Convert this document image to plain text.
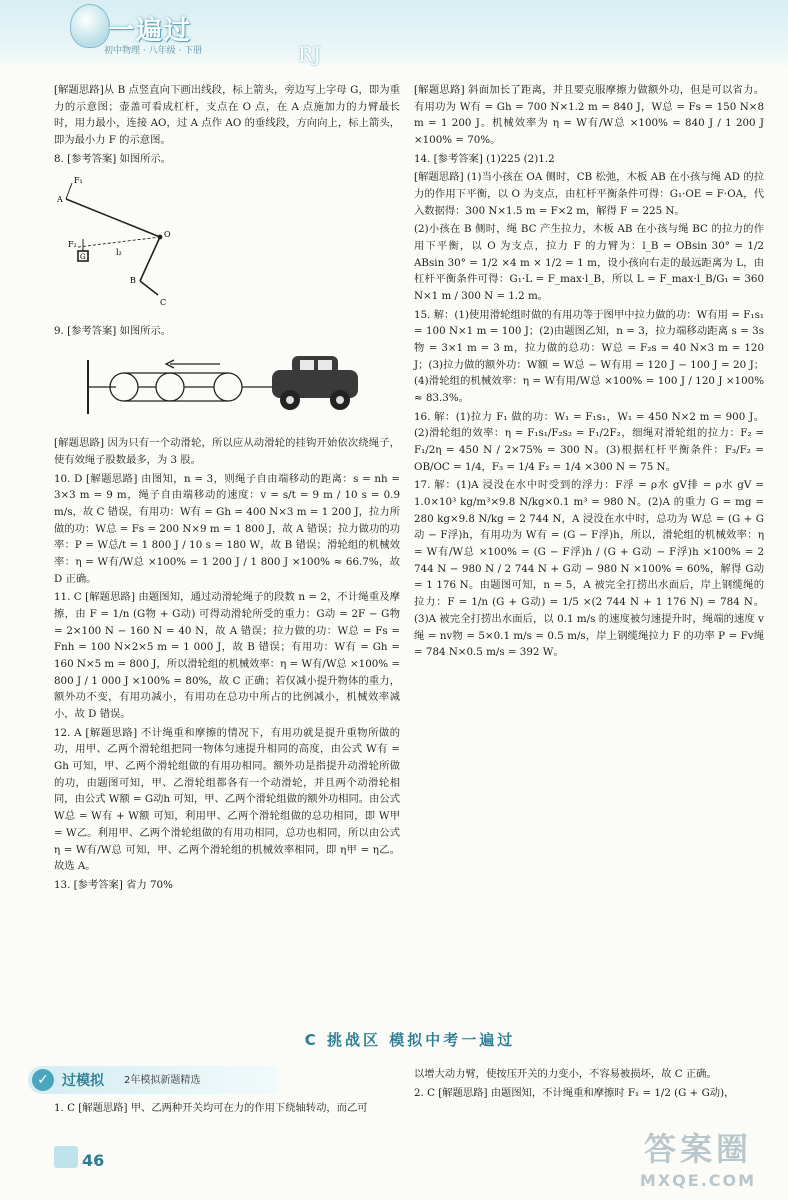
一遍过
初中物理 · 八年级 · 下册	RJ

[解题思路]从 B 点竖直向下画出线段，标上箭头，旁边写上字母 G，即为重力的示意图；壶盖可看成杠杆，支点在 O 点，在 A 点施加力的力臂最长时，用力最小，连接 AO，过 A 点作 AO 的垂线段，方向向上，标上箭头，即为最小力 F 的示意图。

8. [参考答案] 如图所示。

F₁
A
F₂
G
O
l₂
B
C

9. [参考答案] 如图所示。

[解题思路] 因为只有一个动滑轮，所以应从动滑轮的挂钩开始依次绕绳子，使有效绳子股数最多，为 3 股。

10. D [解题思路] 由图知，n = 3，则绳子自由端移动的距离：s = nh = 3×3 m = 9 m，绳子自由端移动的速度：v = s/t = 9 m / 10 s = 0.9 m/s，故 C 错误，有用功：W有 = Gh = 400 N×3 m = 1 200 J，拉力所做的功：W总 = Fs = 200 N×9 m = 1 800 J，故 A 错误；拉力做功的功率：P = W总/t = 1 800 J / 10 s = 180 W，故 B 错误；滑轮组的机械效率：η = W有/W总 ×100% = 1 200 J / 1 800 J ×100% ≈ 66.7%，故 D 正确。

11. C [解题思路] 由题图知，通过动滑轮绳子的段数 n = 2，不计绳重及摩擦，由 F = 1/n (G物 + G动) 可得动滑轮所受的重力：G动 = 2F − G物 = 2×100 N − 160 N = 40 N，故 A 错误；拉力做的功：W总 = Fs = Fnh = 100 N×2×5 m = 1 000 J，故 B 错误；有用功：W有 = Gh = 160 N×5 m = 800 J，所以滑轮组的机械效率：η = W有/W总 ×100% = 800 J / 1 000 J ×100% = 80%，故 C 正确；若仅减小提升物体的重力，额外功不变，有用功减小，有用功在总功中所占的比例减小，机械效率减小，故 D 错误。

12. A [解题思路] 不计绳重和摩擦的情况下，有用功就是提升重物所做的功，用甲、乙两个滑轮组把同一物体匀速提升相同的高度，由公式 W有 = Gh 可知，甲、乙两个滑轮组做的有用功相同。额外功是指提升动滑轮所做的功，由题图可知，甲、乙滑轮组都各有一个动滑轮，并且两个动滑轮相同，由公式 W额 = G动h 可知，甲、乙两个滑轮组做的额外功相同。由公式 W总 = W有 + W额 可知，利用甲、乙两个滑轮组做的总功相同，即 W甲 = W乙。利用甲、乙两个滑轮组做的有用功相同，总功也相同，所以由公式 η = W有/W总 可知，甲、乙两个滑轮组的机械效率相同，即 η甲 = η乙。故选 A。

13. [参考答案] 省力 70%

[解题思路] 斜面加长了距离，并且要克服摩擦力做额外功，但是可以省力。有用功为 W有 = Gh = 700 N×1.2 m = 840 J，W总 = Fs = 150 N×8 m = 1 200 J。机械效率为 η = W有/W总 ×100% = 840 J / 1 200 J ×100% = 70%。

14. [参考答案] (1)225 (2)1.2

[解题思路] (1)当小孩在 OA 侧时，CB 松弛，木板 AB 在小孩与绳 AD 的拉力的作用下平衡，以 O 为支点，由杠杆平衡条件可得：G₁·OE = F·OA，代入数据得：300 N×1.5 m = F×2 m，解得 F = 225 N。

(2)小孩在 B 侧时，绳 BC 产生拉力，木板 AB 在小孩与绳 BC 的拉力的作用下平衡，以 O 为支点，拉力 F 的力臂为：l_B = OBsin 30° = 1/2 ABsin 30° = 1/2 ×4 m × 1/2 = 1 m，设小孩向右走的最远距离为 L，由杠杆平衡条件可得：G₁·L = F_max·l_B，所以 L = F_max·l_B/G₁ = 360 N×1 m / 300 N = 1.2 m。

15. 解：(1)使用滑轮组时做的有用功等于图甲中拉力做的功：W有用 = F₁s₁ = 100 N×1 m = 100 J；(2)由题图乙知，n = 3，拉力端移动距离 s = 3s物 = 3×1 m = 3 m，拉力做的总功：W总 = F₂s = 40 N×3 m = 120 J；(3)拉力做的额外功：W额 = W总 − W有用 = 120 J − 100 J = 20 J；(4)滑轮组的机械效率：η = W有用/W总 ×100% = 100 J / 120 J ×100% ≈ 83.3%。

16. 解：(1)拉力 F₁ 做的功：W₁ = F₁s₁，W₁ = 450 N×2 m = 900 J。(2)滑轮组的效率：η = F₁s₁/F₂s₂ = F₁/2F₂，细绳对滑轮组的拉力：F₂ = F₁/2η = 450 N / 2×75% = 300 N。(3)根据杠杆平衡条件：F₃/F₂ = OB/OC = 1/4，F₃ = 1/4 F₂ = 1/4 ×300 N = 75 N。

17. 解：(1)A 浸没在水中时受到的浮力：F浮 = ρ水 gV排 = ρ水 gV = 1.0×10³ kg/m³×9.8 N/kg×0.1 m³ = 980 N。(2)A 的重力 G = mg = 280 kg×9.8 N/kg = 2 744 N，A 浸没在水中时，总功为 W总 = (G + G动 − F浮)h，有用功为 W有 = (G − F浮)h，所以，滑轮组的机械效率：η = W有/W总 ×100% = (G − F浮)h / (G + G动 − F浮)h ×100% = 2 744 N − 980 N / 2 744 N + G动 − 980 N ×100% = 60%，解得 G动 = 1 176 N。由题图可知，n = 5，A 被完全打捞出水面后，岸上钢缆绳的拉力：F = 1/n (G + G动) = 1/5 ×(2 744 N + 1 176 N) = 784 N。(3)A 被完全打捞出水面后，以 0.1 m/s 的速度被匀速提升时，绳端的速度 v绳 = nv物 = 5×0.1 m/s = 0.5 m/s，岸上钢缆绳拉力 F 的功率 P = Fv绳 = 784 N×0.5 m/s = 392 W。

C 挑战区 模拟中考一遍过
✓ 过模拟 2年模拟新题精选

1. C [解题思路] 甲、乙两种开关均可在力的作用下绕轴转动，而乙可

以增大动力臂，使按压开关的力变小，不容易被损坏，故 C 正确。

2. C [解题思路] 由题图知，不计绳重和摩擦时 F₁ = 1/2 (G + G动)，

46	答案圈
MXQE.COM
